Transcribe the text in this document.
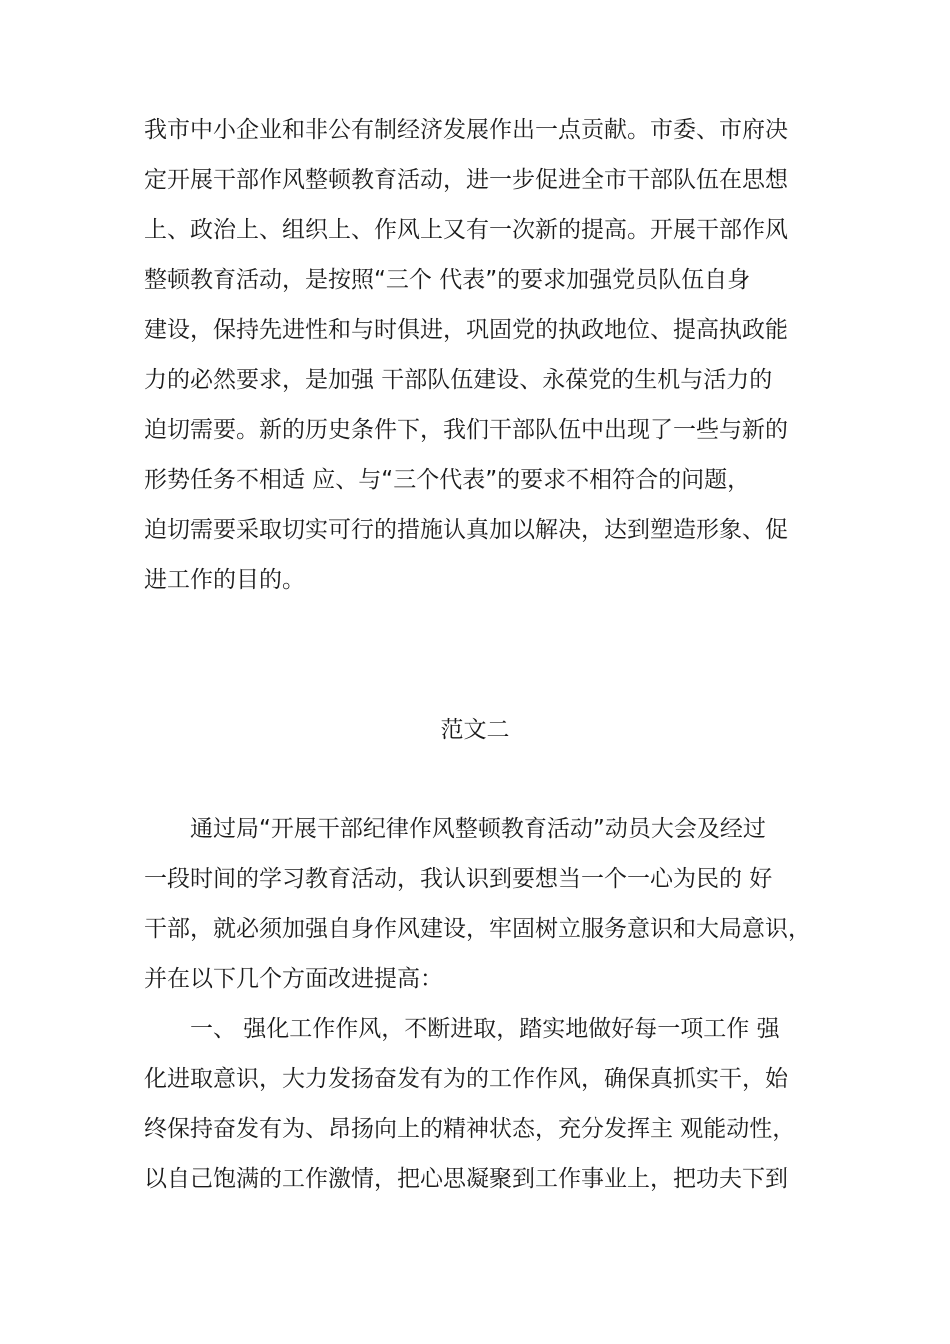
我市中小企业和非公有制经济发展作出一点贡献。市委、市府决
定开展干部作风整顿教育活动，进一步促进全市干部队伍在思想
上、政治上、组织上、作风上又有一次新的提高。开展干部作风
整顿教育活动，是按照“三个 代表”的要求加强党员队伍自身
建设，保持先进性和与时俱进，巩固党的执政地位、提高执政能
力的必然要求，是加强 干部队伍建设、永葆党的生机与活力的
迫切需要。新的历史条件下，我们干部队伍中出现了一些与新的
形势任务不相适 应、与“三个代表”的要求不相符合的问题，
迫切需要采取切实可行的措施认真加以解决，达到塑造形象、促
进工作的目的。
范文二
通过局“开展干部纪律作风整顿教育活动”动员大会及经过
一段时间的学习教育活动，我认识到要想当一个一心为民的 好
干部，就必须加强自身作风建设，牢固树立服务意识和大局意识，
并在以下几个方面改进提高：
一、 强化工作作风，不断进取，踏实地做好每一项工作 强
化进取意识，大力发扬奋发有为的工作作风，确保真抓实干，始
终保持奋发有为、昂扬向上的精神状态，充分发挥主 观能动性，
以自己饱满的工作激情，把心思凝聚到工作事业上，把功夫下到
